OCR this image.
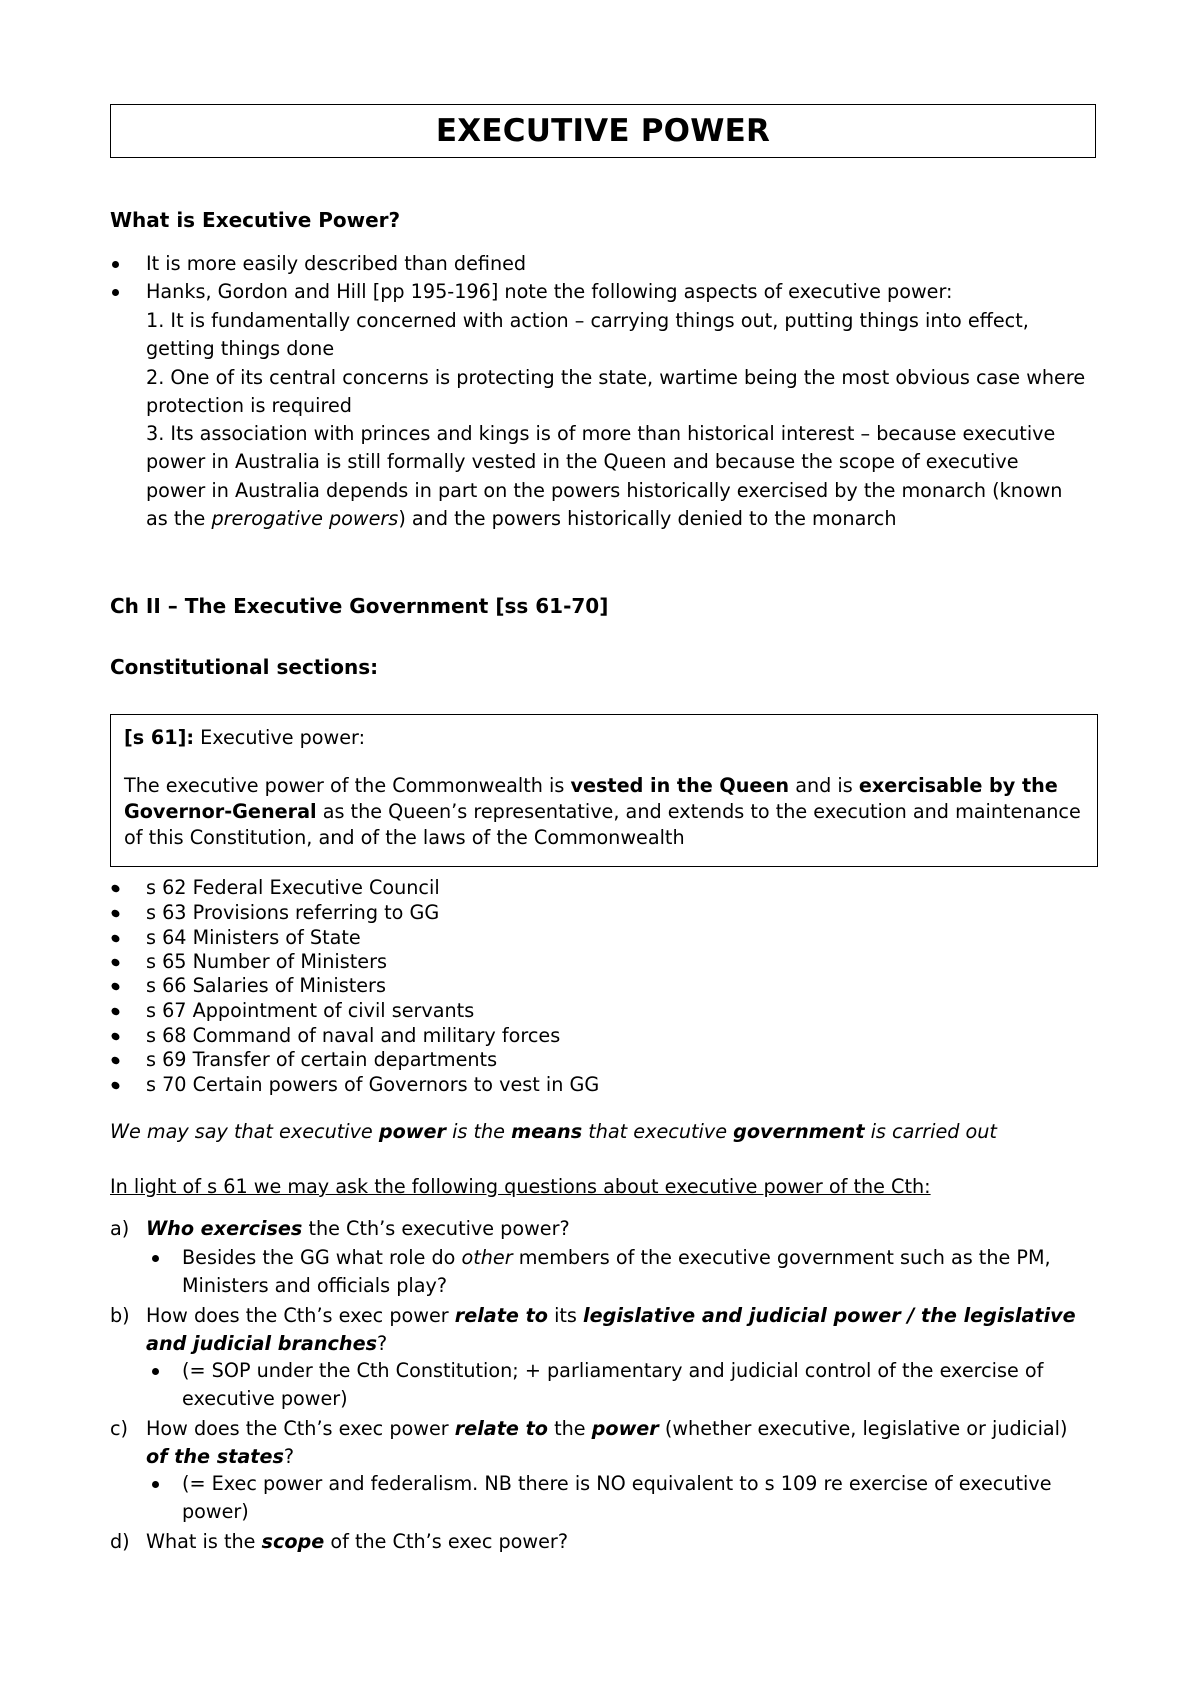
EXECUTIVE POWER
What is Executive Power?
It is more easily described than defined
Hanks, Gordon and Hill [pp 195-196] note the following aspects of executive power:
1. It is fundamentally concerned with action – carrying things out, putting things into effect, getting things done
2. One of its central concerns is protecting the state, wartime being the most obvious case where protection is required
3. Its association with princes and kings is of more than historical interest – because executive power in Australia is still formally vested in the Queen and because the scope of executive power in Australia depends in part on the powers historically exercised by the monarch (known as the prerogative powers) and the powers historically denied to the monarch
Ch II – The Executive Government [ss 61-70]
Constitutional sections:
[s 61]: Executive power:
The executive power of the Commonwealth is vested in the Queen and is exercisable by the Governor-General as the Queen’s representative, and extends to the execution and maintenance of this Constitution, and of the laws of the Commonwealth
s 62 Federal Executive Council
s 63 Provisions referring to GG
s 64 Ministers of State
s 65 Number of Ministers
s 66 Salaries of Ministers
s 67 Appointment of civil servants
s 68 Command of naval and military forces
s 69 Transfer of certain departments
s 70 Certain powers of Governors to vest in GG
We may say that executive power is the means that executive government is carried out
In light of s 61 we may ask the following questions about executive power of the Cth:
a) Who exercises the Cth’s executive power?
Besides the GG what role do other members of the executive government such as the PM, Ministers and officials play?
b) How does the Cth’s exec power relate to its legislative and judicial power / the legislative and judicial branches?
(= SOP under the Cth Constitution; + parliamentary and judicial control of the exercise of executive power)
c) How does the Cth’s exec power relate to the power (whether executive, legislative or judicial) of the states?
(= Exec power and federalism. NB there is NO equivalent to s 109 re exercise of executive power)
d) What is the scope of the Cth’s exec power?
